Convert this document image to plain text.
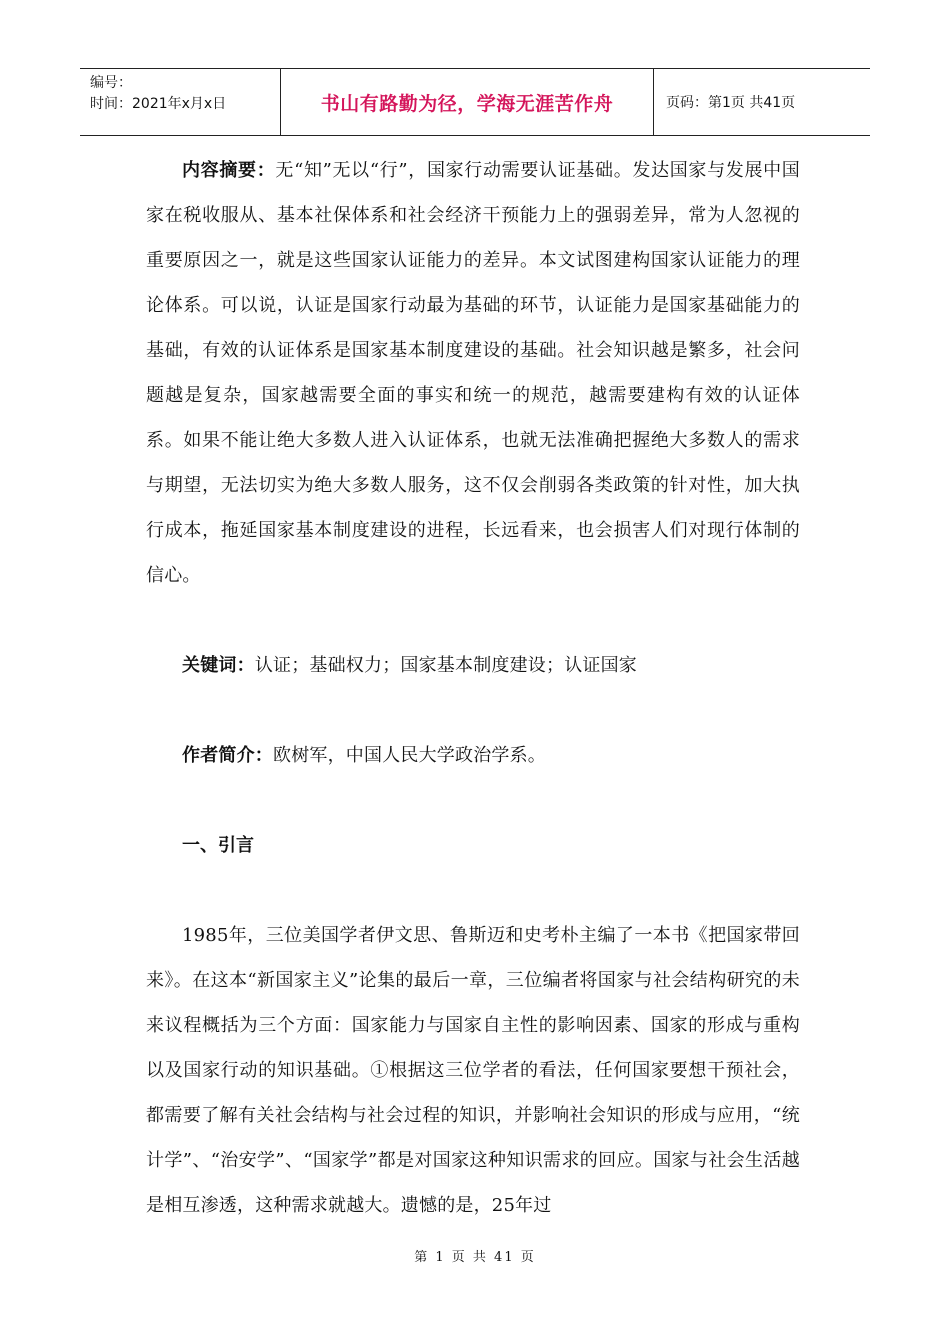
编号：
时间：2021年x月x日	书山有路勤为径，学海无涯苦作舟	页码：第1页 共41页

内容摘要：无“知”无以“行”，国家行动需要认证基础。发达国家与发展中国家在税收服从、基本社保体系和社会经济干预能力上的强弱差异，常为人忽视的重要原因之一，就是这些国家认证能力的差异。本文试图建构国家认证能力的理论体系。可以说，认证是国家行动最为基础的环节，认证能力是国家基础能力的基础，有效的认证体系是国家基本制度建设的基础。社会知识越是繁多，社会问题越是复杂，国家越需要全面的事实和统一的规范，越需要建构有效的认证体系。如果不能让绝大多数人进入认证体系，也就无法准确把握绝大多数人的需求与期望，无法切实为绝大多数人服务，这不仅会削弱各类政策的针对性，加大执行成本，拖延国家基本制度建设的进程，长远看来，也会损害人们对现行体制的信心。

关键词：认证；基础权力；国家基本制度建设；认证国家

作者简介：欧树军，中国人民大学政治学系。

一、引言

1985年，三位美国学者伊文思、鲁斯迈和史考朴主编了一本书《把国家带回来》。在这本“新国家主义”论集的最后一章，三位编者将国家与社会结构研究的未来议程概括为三个方面：国家能力与国家自主性的影响因素、国家的形成与重构以及国家行动的知识基础。①根据这三位学者的看法，任何国家要想干预社会，都需要了解有关社会结构与社会过程的知识，并影响社会知识的形成与应用，“统计学”、“治安学”、“国家学”都是对国家这种知识需求的回应。国家与社会生活越是相互渗透，这种需求就越大。遗憾的是，25年过

第 1 页 共 41 页
